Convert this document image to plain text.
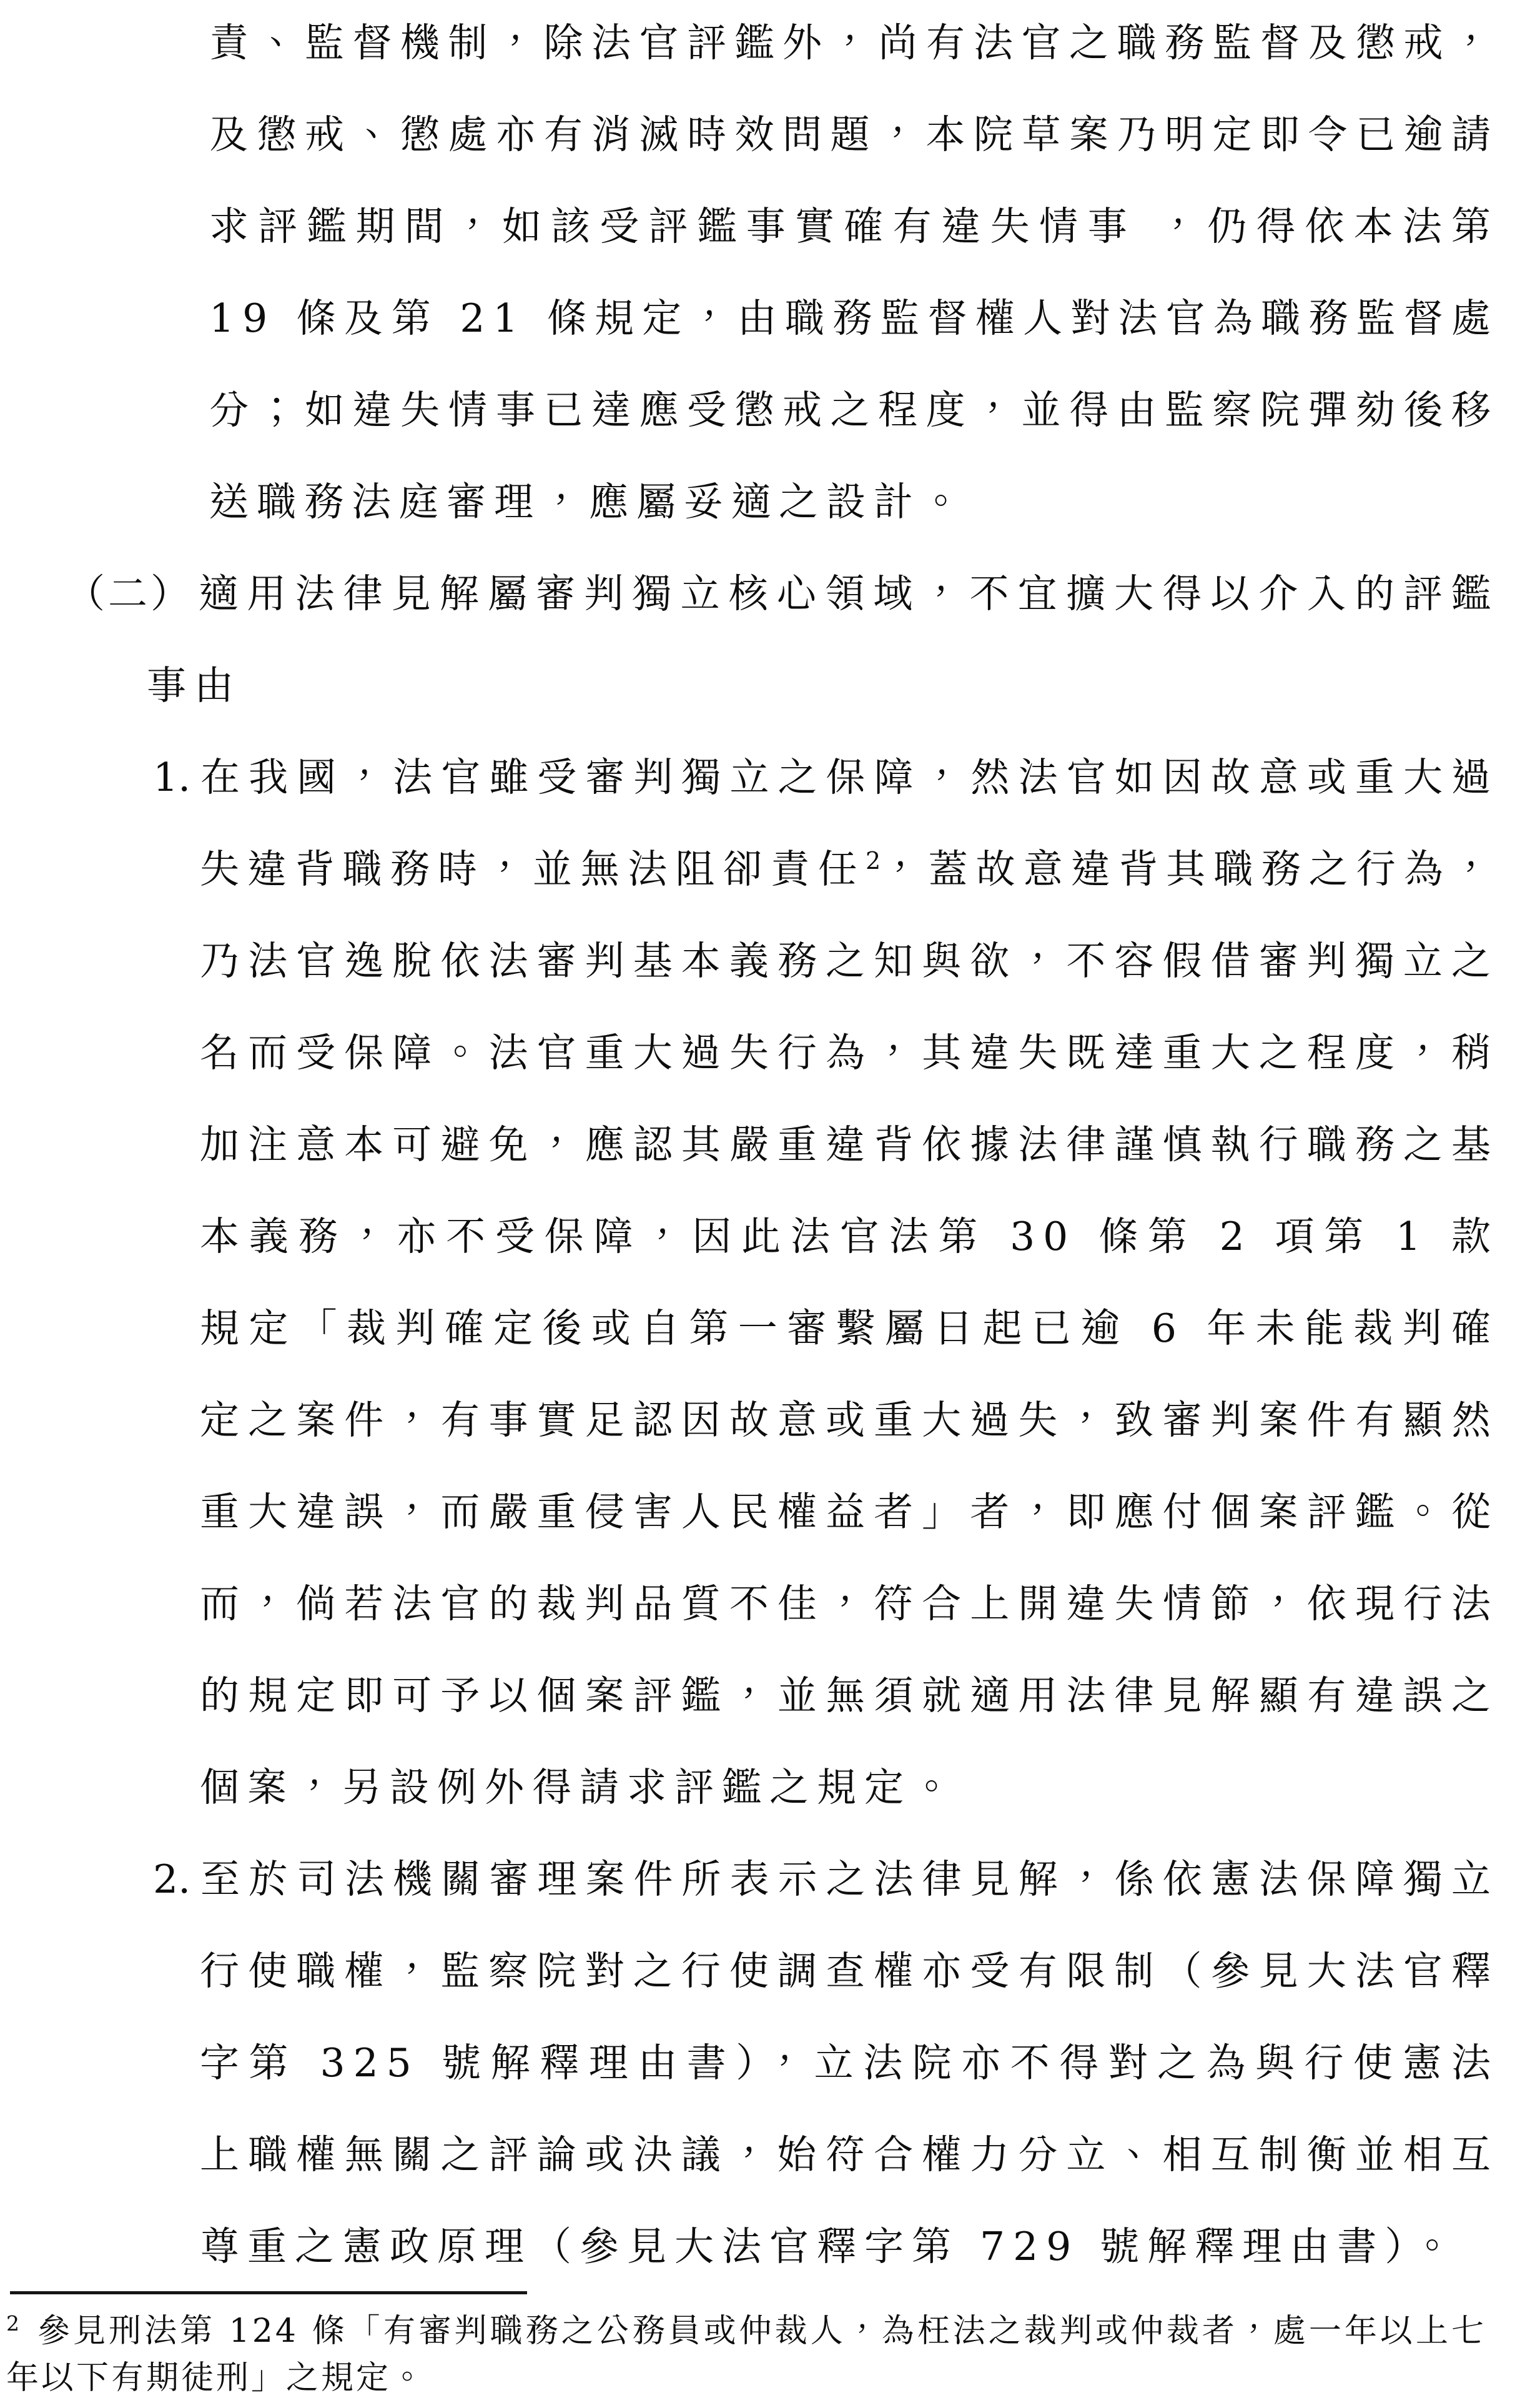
責、監督機制，除法官評鑑外，尚有法官之職務監督及懲戒，及懲戒、懲處亦有消滅時效問題，本院草案乃明定即令已逾請求評鑑期間，如該受評鑑事實確有違失情事 ，仍得依本法第 19 條及第 21 條規定，由職務監督權人對法官為職務監督處分；如違失情事已達應受懲戒之程度，並得由監察院彈劾後移送職務法庭審理，應屬妥適之設計。

（二） 適用法律見解屬審判獨立核心領域，不宜擴大得以介入的評鑑事由

1. 在我國，法官雖受審判獨立之保障，然法官如因故意或重大過失違背職務時，並無法阻卻責任$^2$，蓋故意違背其職務之行為，乃法官逸脫依法審判基本義務之知與欲，不容假借審判獨立之名而受保障。法官重大過失行為，其違失既達重大之程度，稍加注意本可避免，應認其嚴重違背依據法律謹慎執行職務之基本義務，亦不受保障，因此法官法第 30 條第 2 項第 1 款規定「裁判確定後或自第一審繫屬日起已逾 6 年未能裁判確定之案件，有事實足認因故意或重大過失，致審判案件有顯然重大違誤，而嚴重侵害人民權益者」者，即應付個案評鑑。從而，倘若法官的裁判品質不佳，符合上開違失情節，依現行法的規定即可予以個案評鑑，並無須就適用法律見解顯有違誤之個案，另設例外得請求評鑑之規定。

2. 至於司法機關審理案件所表示之法律見解，係依憲法保障獨立行使職權，監察院對之行使調查權亦受有限制（參見大法官釋字第 325 號解釋理由書），立法院亦不得對之為與行使憲法上職權無關之評論或決議，始符合權力分立、相互制衡並相互尊重之憲政原理（參見大法官釋字第 729 號解釋理由書）。

$^2$ 參見刑法第 124 條「有審判職務之公務員或仲裁人，為枉法之裁判或仲裁者，處一年以上七年以下有期徒刑」之規定。
